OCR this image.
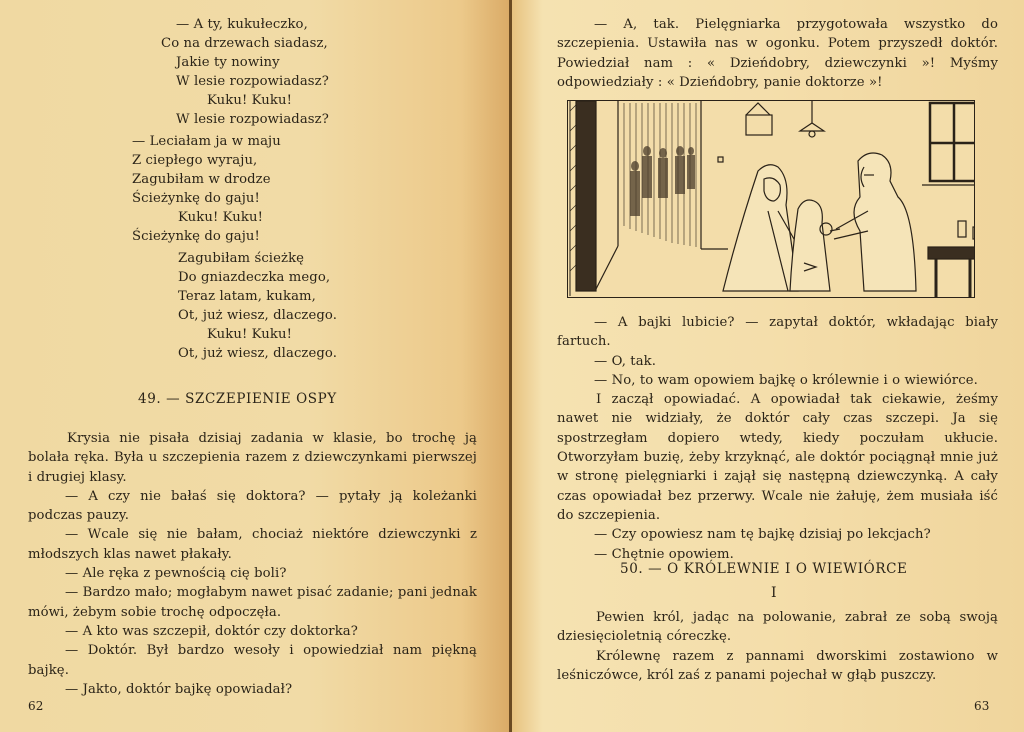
— A ty, kukułeczko,
Co na drzewach siadasz,
Jakie ty nowiny
W lesie rozpowiadasz?
Kuku! Kuku!
W lesie rozpowiadasz?
— Leciałam ja w maju
Z ciepłego wyraju,
Zagubiłam w drodze
Ścieżynkę do gaju!
Kuku! Kuku!
Ścieżynkę do gaju!
Zagubiłam ścieżkę
Do gniazdeczka mego,
Teraz latam, kukam,
Ot, już wiesz, dlaczego.
Kuku! Kuku!
Ot, już wiesz, dlaczego.
49. — SZCZEPIENIE OSPY

Krysia nie pisała dzisiaj zadania w klasie, bo trochę ją bolała ręka. Była u szczepienia razem z dziewczynkami pierwszej i drugiej klasy.

— A czy nie bałaś się doktora? — pytały ją koleżanki podczas pauzy.

— Wcale się nie bałam, chociaż niektóre dziewczynki z młodszych klas nawet płakały.

— Ale ręka z pewnością cię boli?

— Bardzo mało; mogłabym nawet pisać zadanie; pani jednak mówi, żebym sobie trochę odpoczęła.

— A kto was szczepił, doktór czy doktorka?

— Doktór. Był bardzo wesoły i opowiedział nam piękną bajkę.

— Jakto, doktór bajkę opowiadał?

62

— A, tak. Pielęgniarka przygotowała wszystko do szczepienia. Ustawiła nas w ogonku. Potem przyszedł doktór. Powiedział nam : « Dzieńdobry, dziewczynki »! Myśmy odpowiedziały : « Dzieńdobry, panie doktorze »!

— A bajki lubicie? — zapytał doktór, wkładając biały fartuch.

— O, tak.

— No, to wam opowiem bajkę o królewnie i o wiewiórce.

I zaczął opowiadać. A opowiadał tak ciekawie, żeśmy nawet nie widziały, że doktór cały czas szczepi. Ja się spostrzegłam dopiero wtedy, kiedy poczułam ukłucie. Otworzyłam buzię, żeby krzyknąć, ale doktór pociągnął mnie już w stronę pielęgniarki i zajął się następną dziewczynką. A cały czas opowiadał bez przerwy. Wcale nie żałuję, żem musiała iść do szczepienia.

— Czy opowiesz nam tę bajkę dzisiaj po lekcjach?

— Chętnie opowiem.

50. — O KRÓLEWNIE I O WIEWIÓRCE
I

Pewien król, jadąc na polowanie, zabrał ze sobą swoją dziesięcioletnią córeczkę.

Królewnę razem z pannami dworskimi zostawiono w leśniczówce, król zaś z panami pojechał w głąb puszczy.

63
